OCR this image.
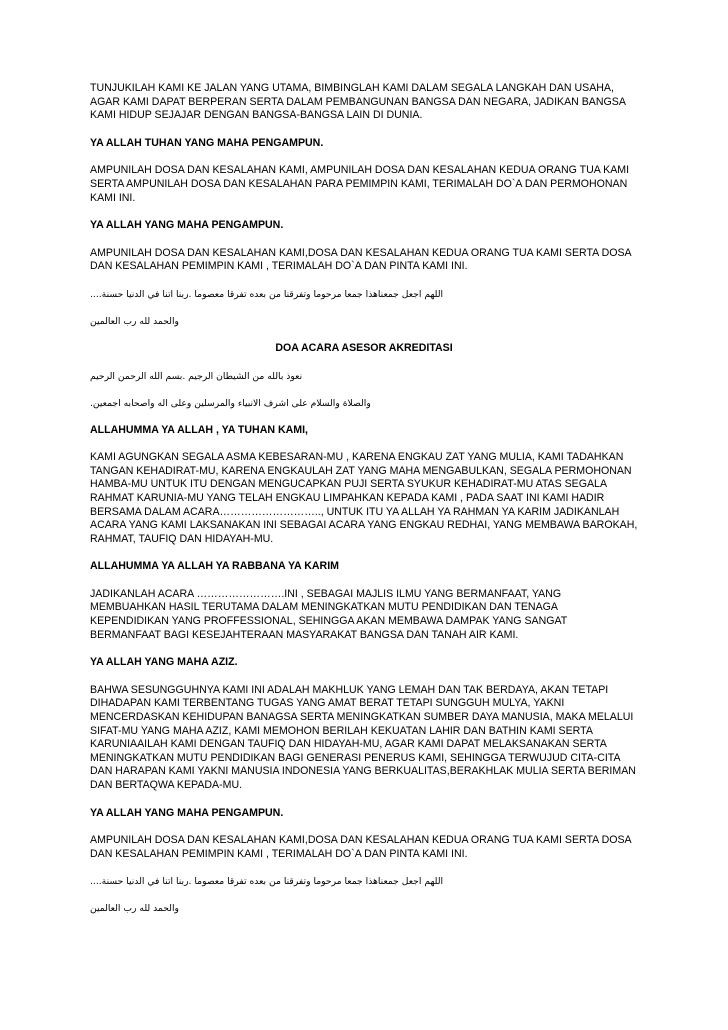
TUNJUKILAH KAMI KE JALAN YANG UTAMA, BIMBINGLAH KAMI DALAM SEGALA LANGKAH DAN USAHA, AGAR KAMI DAPAT BERPERAN SERTA DALAM PEMBANGUNAN BANGSA DAN NEGARA, JADIKAN BANGSA KAMI HIDUP SEJAJAR DENGAN BANGSA-BANGSA LAIN DI DUNIA.

YA ALLAH TUHAN YANG MAHA PENGAMPUN.

AMPUNILAH DOSA DAN KESALAHAN KAMI, AMPUNILAH DOSA DAN KESALAHAN KEDUA ORANG TUA KAMI SERTA AMPUNILAH DOSA DAN KESALAHAN PARA PEMIMPIN KAMI, TERIMALAH DO`A DAN PERMOHONAN KAMI INI.

YA ALLAH YANG MAHA PENGAMPUN.

AMPUNILAH DOSA DAN KESALAHAN KAMI,DOSA DAN KESALAHAN KEDUA ORANG TUA KAMI SERTA DOSA DAN KESALAHAN PEMIMPIN KAMI , TERIMALAH DO`A DAN PINTA KAMI INI.

اللهم اجعل جمعناهذا جمعا مرحوما وتفرقنا من بعده تفرقا معصوما .ربنا اتنا في الدنيا حسنة....

والحمد لله رب العالمين

DOA ACARA ASESOR AKREDITASI

نعوذ بالله من الشيطان الرجيم .بسم الله الرحمن الرحيم

والصلاة والسلام على اشرف الانبياء والمرسلين وعلى اله واصحابه اجمعين.

ALLAHUMMA YA ALLAH , YA TUHAN KAMI,

KAMI AGUNGKAN SEGALA ASMA KEBESARAN-MU , KARENA ENGKAU ZAT YANG MULIA, KAMI TADAHKAN TANGAN KEHADIRAT-MU, KARENA ENGKAULAH ZAT YANG MAHA MENGABULKAN, SEGALA PERMOHONAN HAMBA-MU UNTUK ITU DENGAN MENGUCAPKAN PUJI SERTA SYUKUR KEHADIRAT-MU ATAS SEGALA RAHMAT KARUNIA-MU YANG TELAH ENGKAU LIMPAHKAN KEPADA KAMI , PADA SAAT INI KAMI HADIR BERSAMA DALAM ACARA……………………….., UNTUK ITU YA ALLAH YA RAHMAN YA KARIM JADIKANLAH ACARA YANG KAMI LAKSANAKAN INI SEBAGAI ACARA YANG ENGKAU REDHAI, YANG MEMBAWA BAROKAH, RAHMAT, TAUFIQ DAN HIDAYAH-MU.

ALLAHUMMA YA ALLAH YA RABBANA YA KARIM

JADIKANLAH ACARA …………………….INI , SEBAGAI MAJLIS ILMU YANG BERMANFAAT, YANG MEMBUAHKAN HASIL TERUTAMA DALAM MENINGKATKAN MUTU PENDIDIKAN DAN TENAGA KEPENDIDIKAN YANG PROFFESSIONAL, SEHINGGA AKAN MEMBAWA DAMPAK YANG SANGAT BERMANFAAT BAGI KESEJAHTERAAN MASYARAKAT BANGSA DAN TANAH AIR KAMI.

YA ALLAH YANG MAHA AZIZ.

BAHWA SESUNGGUHNYA KAMI INI ADALAH MAKHLUK YANG LEMAH DAN TAK BERDAYA, AKAN TETAPI DIHADAPAN KAMI TERBENTANG TUGAS YANG AMAT BERAT TETAPI SUNGGUH MULYA, YAKNI MENCERDASKAN KEHIDUPAN BANAGSA SERTA MENINGKATKAN SUMBER DAYA MANUSIA, MAKA MELALUI SIFAT-MU YANG MAHA AZIZ, KAMI MEMOHON BERILAH KEKUATAN LAHIR DAN BATHIN KAMI SERTA KARUNIAAILAH KAMI DENGAN TAUFIQ DAN HIDAYAH-MU, AGAR KAMI DAPAT MELAKSANAKAN SERTA MENINGKATKAN MUTU PENDIDIKAN BAGI GENERASI PENERUS KAMI, SEHINGGA TERWUJUD CITA-CITA DAN HARAPAN KAMI YAKNI MANUSIA INDONESIA YANG BERKUALITAS,BERAKHLAK MULIA SERTA BERIMAN DAN BERTAQWA KEPADA-MU.

YA ALLAH YANG MAHA PENGAMPUN.

AMPUNILAH DOSA DAN KESALAHAN KAMI,DOSA DAN KESALAHAN KEDUA ORANG TUA KAMI SERTA DOSA DAN KESALAHAN PEMIMPIN KAMI , TERIMALAH DO`A DAN PINTA KAMI INI.

اللهم اجعل جمعناهذا جمعا مرحوما وتفرقنا من بعده تفرقا معصوما .ربنا اتنا في الدنيا حسنة....

والحمد لله رب العالمين
